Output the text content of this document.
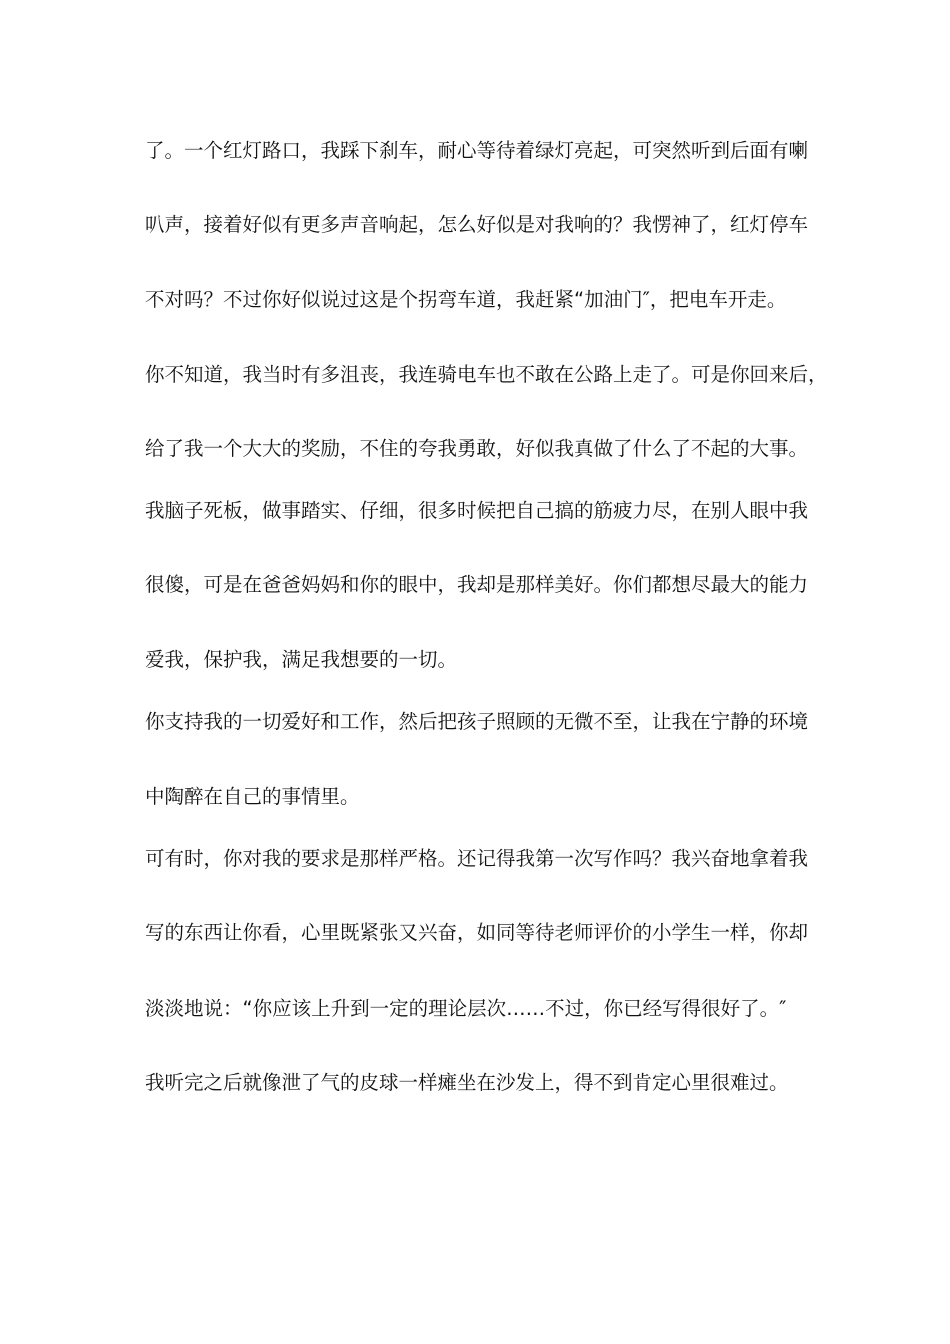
了。一个红灯路口，我踩下刹车，耐心等待着绿灯亮起，可突然听到后面有喇
叭声，接着好似有更多声音响起，怎么好似是对我响的？我愣神了，红灯停车
不对吗？不过你好似说过这是个拐弯车道，我赶紧“加油门″，把电车开走。
你不知道，我当时有多沮丧，我连骑电车也不敢在公路上走了。可是你回来后，
给了我一个大大的奖励，不住的夸我勇敢，好似我真做了什么了不起的大事。
我脑子死板，做事踏实、仔细，很多时候把自己搞的筋疲力尽，在别人眼中我
很傻，可是在爸爸妈妈和你的眼中，我却是那样美好。你们都想尽最大的能力
爱我，保护我，满足我想要的一切。
你支持我的一切爱好和工作，然后把孩子照顾的无微不至，让我在宁静的环境
中陶醉在自己的事情里。
可有时，你对我的要求是那样严格。还记得我第一次写作吗？我兴奋地拿着我
写的东西让你看，心里既紧张又兴奋，如同等待老师评价的小学生一样，你却
淡淡地说：“你应该上升到一定的理论层次……不过，你已经写得很好了。″
我听完之后就像泄了气的皮球一样瘫坐在沙发上，得不到肯定心里很难过。
